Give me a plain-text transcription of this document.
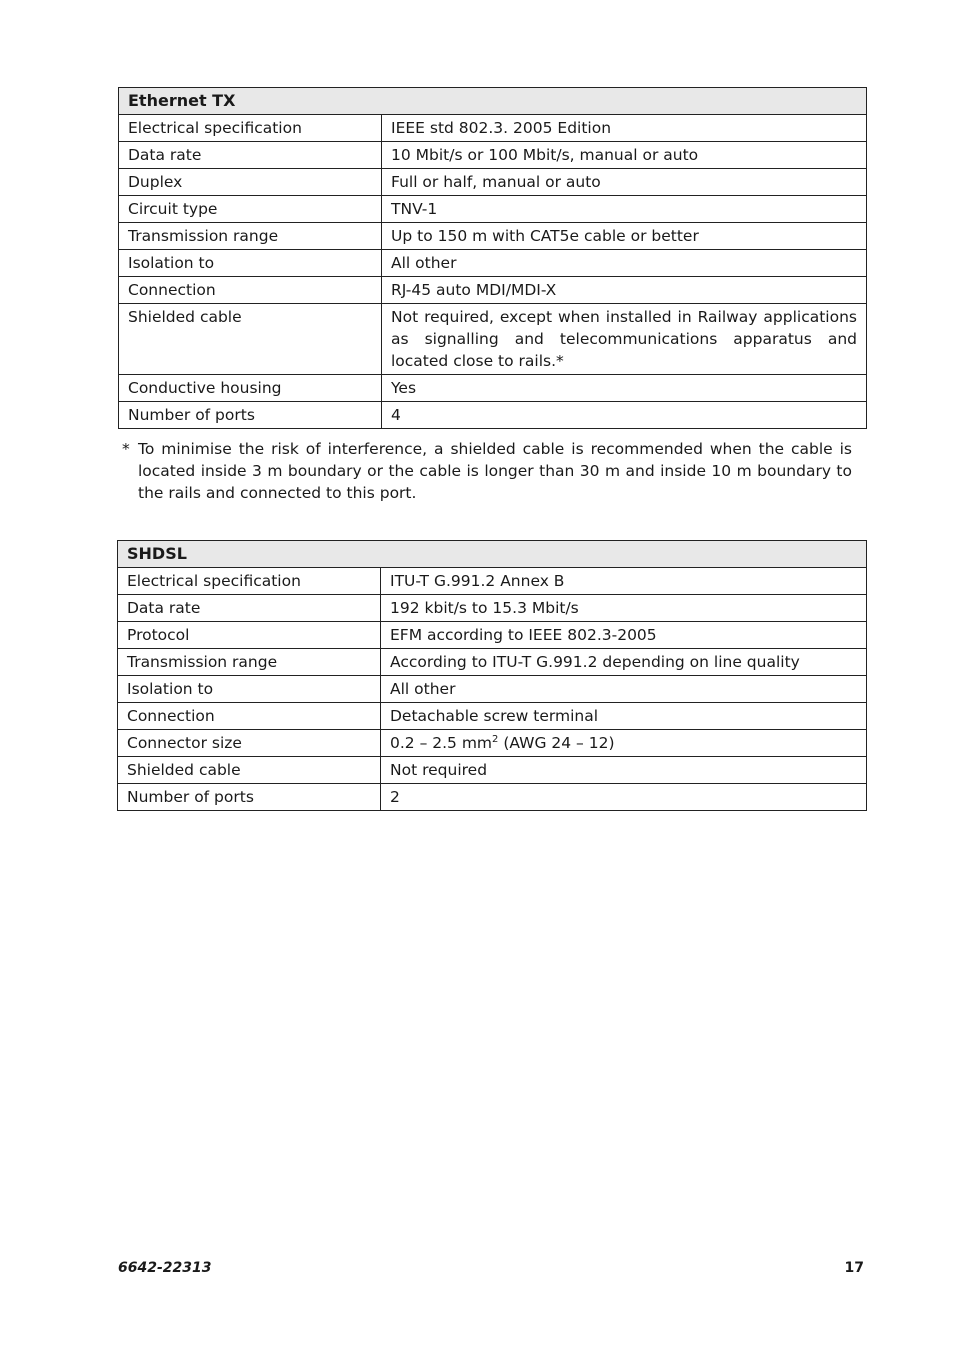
Ethernet TX	
Electrical specification	IEEE std 802.3. 2005 Edition
Data rate	10 Mbit/s or 100 Mbit/s, manual or auto
Duplex	Full or half, manual or auto
Circuit type	TNV-1
Transmission range	Up to 150 m with CAT5e cable or better
Isolation to	All other
Connection	RJ-45 auto MDI/MDI-X
Shielded cable	Not required, except when installed in Railway applications as signalling and telecommunications apparatus and located close to rails.*
Conductive housing	Yes
Number of ports	4
* To minimise the risk of interference, a shielded cable is recommended when the cable is located inside 3 m boundary or the cable is longer than 30 m and inside 10 m boundary to the rails and connected to this port.
SHDSL	
Electrical specification	ITU-T G.991.2 Annex B
Data rate	192 kbit/s to 15.3 Mbit/s
Protocol	EFM according to IEEE 802.3-2005
Transmission range	According to ITU-T G.991.2 depending on line quality
Isolation to	All other
Connection	Detachable screw terminal
Connector size	0.2 – 2.5 $mm^2$ (AWG 24 – 12)
Shielded cable	Not required
Number of ports	2
6642-22313	17
